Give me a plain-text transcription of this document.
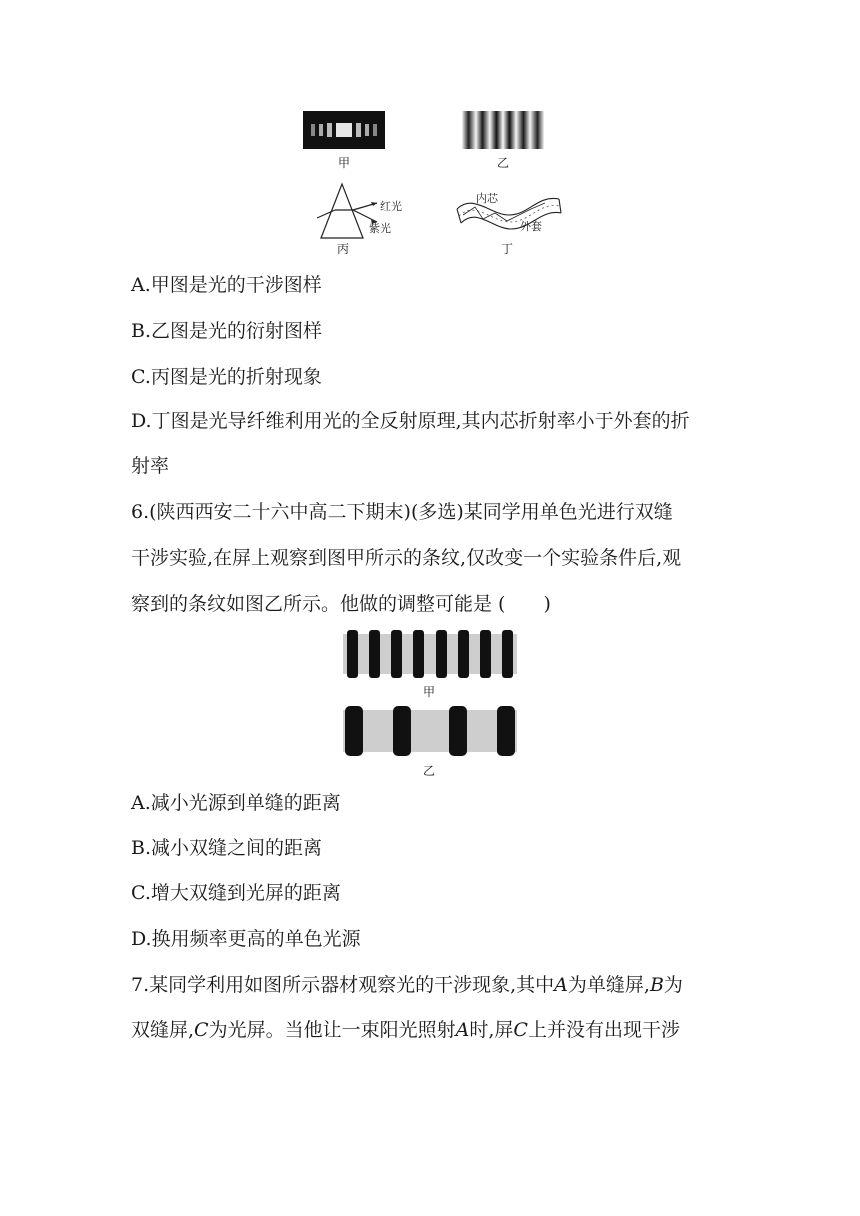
甲	乙
红光
紫光
丙
内芯
外套
丁
A.甲图是光的干涉图样
B.乙图是光的衍射图样
C.丙图是光的折射现象
D.丁图是光导纤维利用光的全反射原理,其内芯折射率小于外套的折
射率
6.(陕西西安二十六中高二下期末)(多选)某同学用单色光进行双缝
干涉实验,在屏上观察到图甲所示的条纹,仅改变一个实验条件后,观
察到的条纹如图乙所示。他做的调整可能是 (　　)
甲
乙
A.减小光源到单缝的距离
B.减小双缝之间的距离
C.增大双缝到光屏的距离
D.换用频率更高的单色光源
7.某同学利用如图所示器材观察光的干涉现象,其中A为单缝屏,B为
双缝屏,C为光屏。当他让一束阳光照射A时,屏C上并没有出现干涉
